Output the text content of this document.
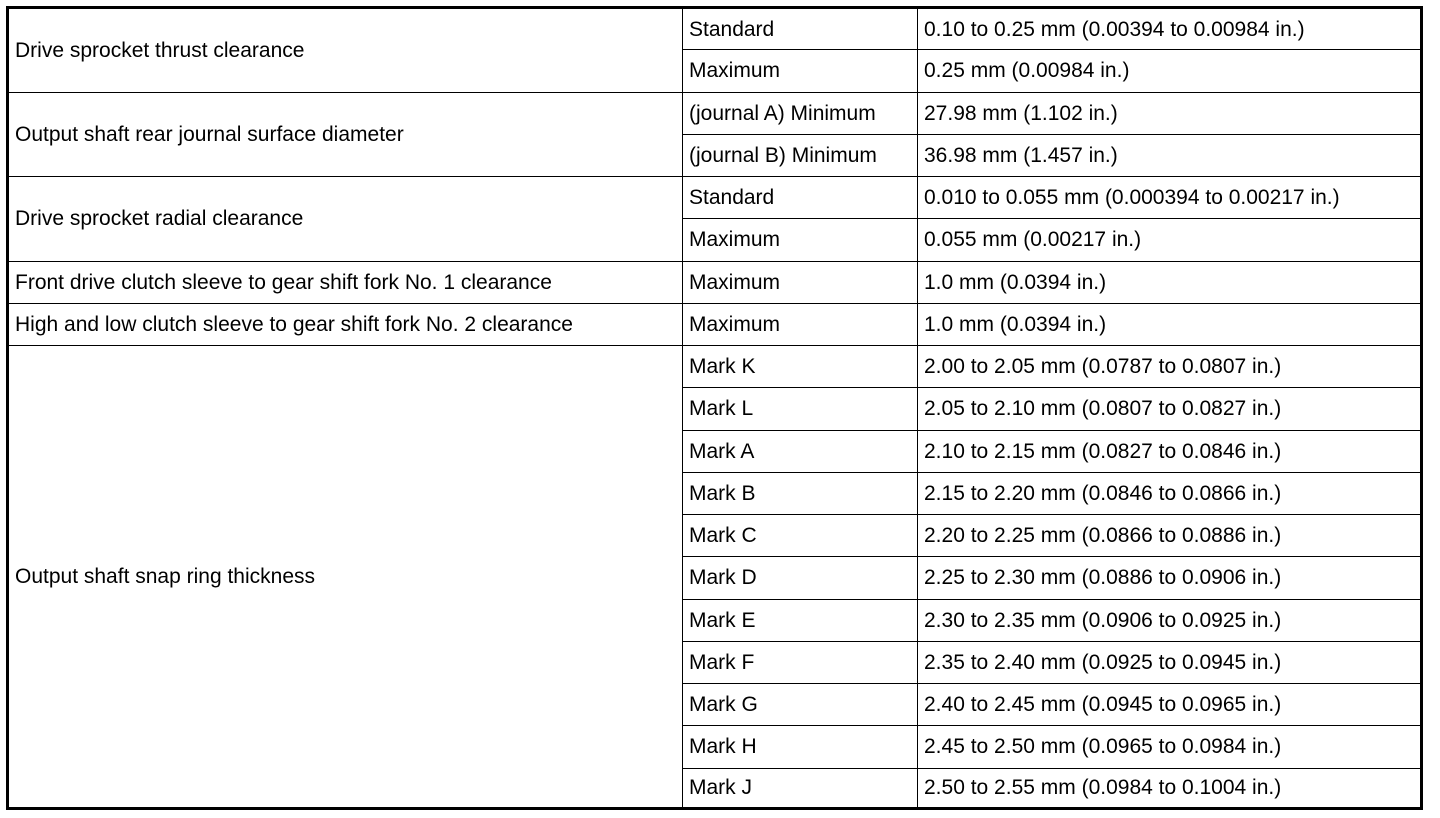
Drive sprocket thrust clearance	Standard	0.10 to 0.25 mm (0.00394 to 0.00984 in.)
	Maximum	0.25 mm (0.00984 in.)
Output shaft rear journal surface diameter	(journal A) Minimum	27.98 mm (1.102 in.)
	(journal B) Minimum	36.98 mm (1.457 in.)
Drive sprocket radial clearance	Standard	0.010 to 0.055 mm (0.000394 to 0.00217 in.)
	Maximum	0.055 mm (0.00217 in.)
Front drive clutch sleeve to gear shift fork No. 1 clearance	Maximum	1.0 mm (0.0394 in.)
High and low clutch sleeve to gear shift fork No. 2 clearance	Maximum	1.0 mm (0.0394 in.)
Output shaft snap ring thickness	Mark K	2.00 to 2.05 mm (0.0787 to 0.0807 in.)
	Mark L	2.05 to 2.10 mm (0.0807 to 0.0827 in.)
	Mark A	2.10 to 2.15 mm (0.0827 to 0.0846 in.)
	Mark B	2.15 to 2.20 mm (0.0846 to 0.0866 in.)
	Mark C	2.20 to 2.25 mm (0.0866 to 0.0886 in.)
	Mark D	2.25 to 2.30 mm (0.0886 to 0.0906 in.)
	Mark E	2.30 to 2.35 mm (0.0906 to 0.0925 in.)
	Mark F	2.35 to 2.40 mm (0.0925 to 0.0945 in.)
	Mark G	2.40 to 2.45 mm (0.0945 to 0.0965 in.)
	Mark H	2.45 to 2.50 mm (0.0965 to 0.0984 in.)
	Mark J	2.50 to 2.55 mm (0.0984 to 0.1004 in.)
